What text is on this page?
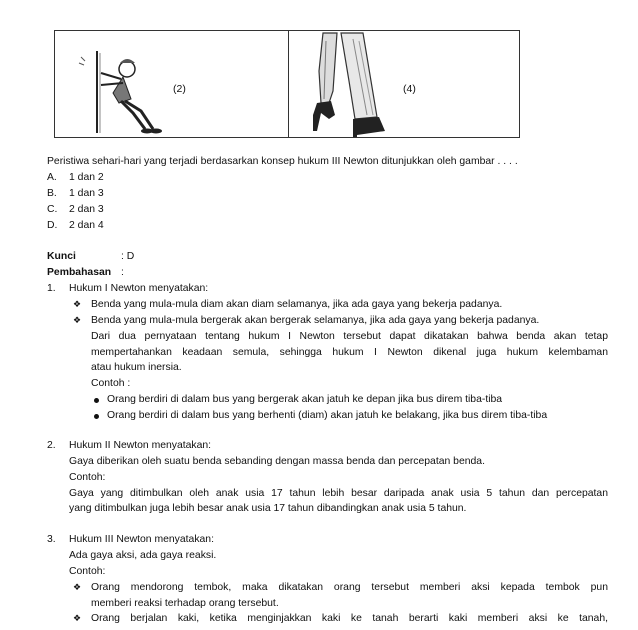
(2)	(4)
Peristiwa sehari-hari yang terjadi berdasarkan konsep hukum III Newton ditunjukkan oleh gambar . . . .
A. 1 dan 2
B. 1 dan 3
C. 2 dan 3
D. 2 dan 4
Kunci	: D
Pembahasan :
1. Hukum I Newton menyatakan:
❖ Benda yang mula-mula diam akan diam selamanya, jika ada gaya yang bekerja padanya.
❖ Benda yang mula-mula bergerak akan bergerak selamanya, jika ada gaya yang bekerja padanya.
Dari dua pernyataan tentang hukum I Newton tersebut dapat dikatakan bahwa benda akan tetap
mempertahankan keadaan semula, sehingga hukum I Newton dikenal juga hukum kelembaman
atau hukum inersia.
Contoh :
Orang berdiri di dalam bus yang bergerak akan jatuh ke depan jika bus direm tiba-tiba
Orang berdiri di dalam bus yang berhenti (diam) akan jatuh ke belakang, jika bus direm tiba-tiba
2. Hukum II Newton menyatakan:
Gaya diberikan oleh suatu benda sebanding dengan massa benda dan percepatan benda.
Contoh:
Gaya yang ditimbulkan oleh anak usia 17 tahun lebih besar daripada anak usia 5 tahun dan percepatan
yang ditimbulkan juga lebih besar anak usia 17 tahun dibandingkan anak usia 5 tahun.
3. Hukum III Newton menyatakan:
Ada gaya aksi, ada gaya reaksi.
Contoh:
❖ Orang mendorong tembok, maka dikatakan orang tersebut memberi aksi kepada tembok pun
memberi reaksi terhadap orang tersebut.
❖ Orang berjalan kaki, ketika menginjakkan kaki ke tanah berarti kaki memberi aksi ke tanah,
